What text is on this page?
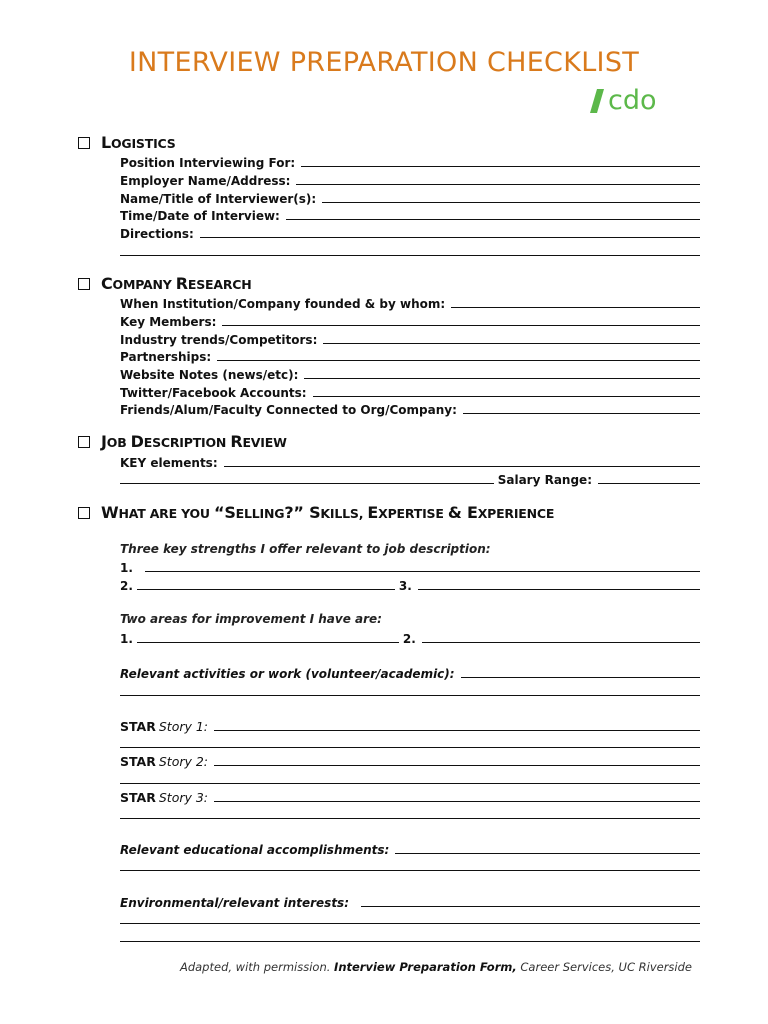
INTERVIEW PREPARATION CHECKLIST
cdo
LOGISTICS
Position Interviewing For:
Employer Name/Address:
Name/Title of Interviewer(s):
Time/Date of Interview:
Directions:
COMPANY RESEARCH
When Institution/Company founded & by whom:
Key Members:
Industry trends/Competitors:
Partnerships:
Website Notes (news/etc):
Twitter/Facebook Accounts:
Friends/Alum/Faculty Connected to Org/Company:
JOB DESCRIPTION REVIEW
KEY elements:
Salary Range:
WHAT ARE YOU “SELLING?” SKILLS, EXPERTISE & EXPERIENCE
Three key strengths I offer relevant to job description:
1.
2.	3.
Two areas for improvement I have are:
1.	2.
Relevant activities or work (volunteer/academic):
STAR Story 1:
STAR Story 2:
STAR Story 3:
Relevant educational accomplishments:
Environmental/relevant interests:
Adapted, with permission. Interview Preparation Form, Career Services, UC Riverside
